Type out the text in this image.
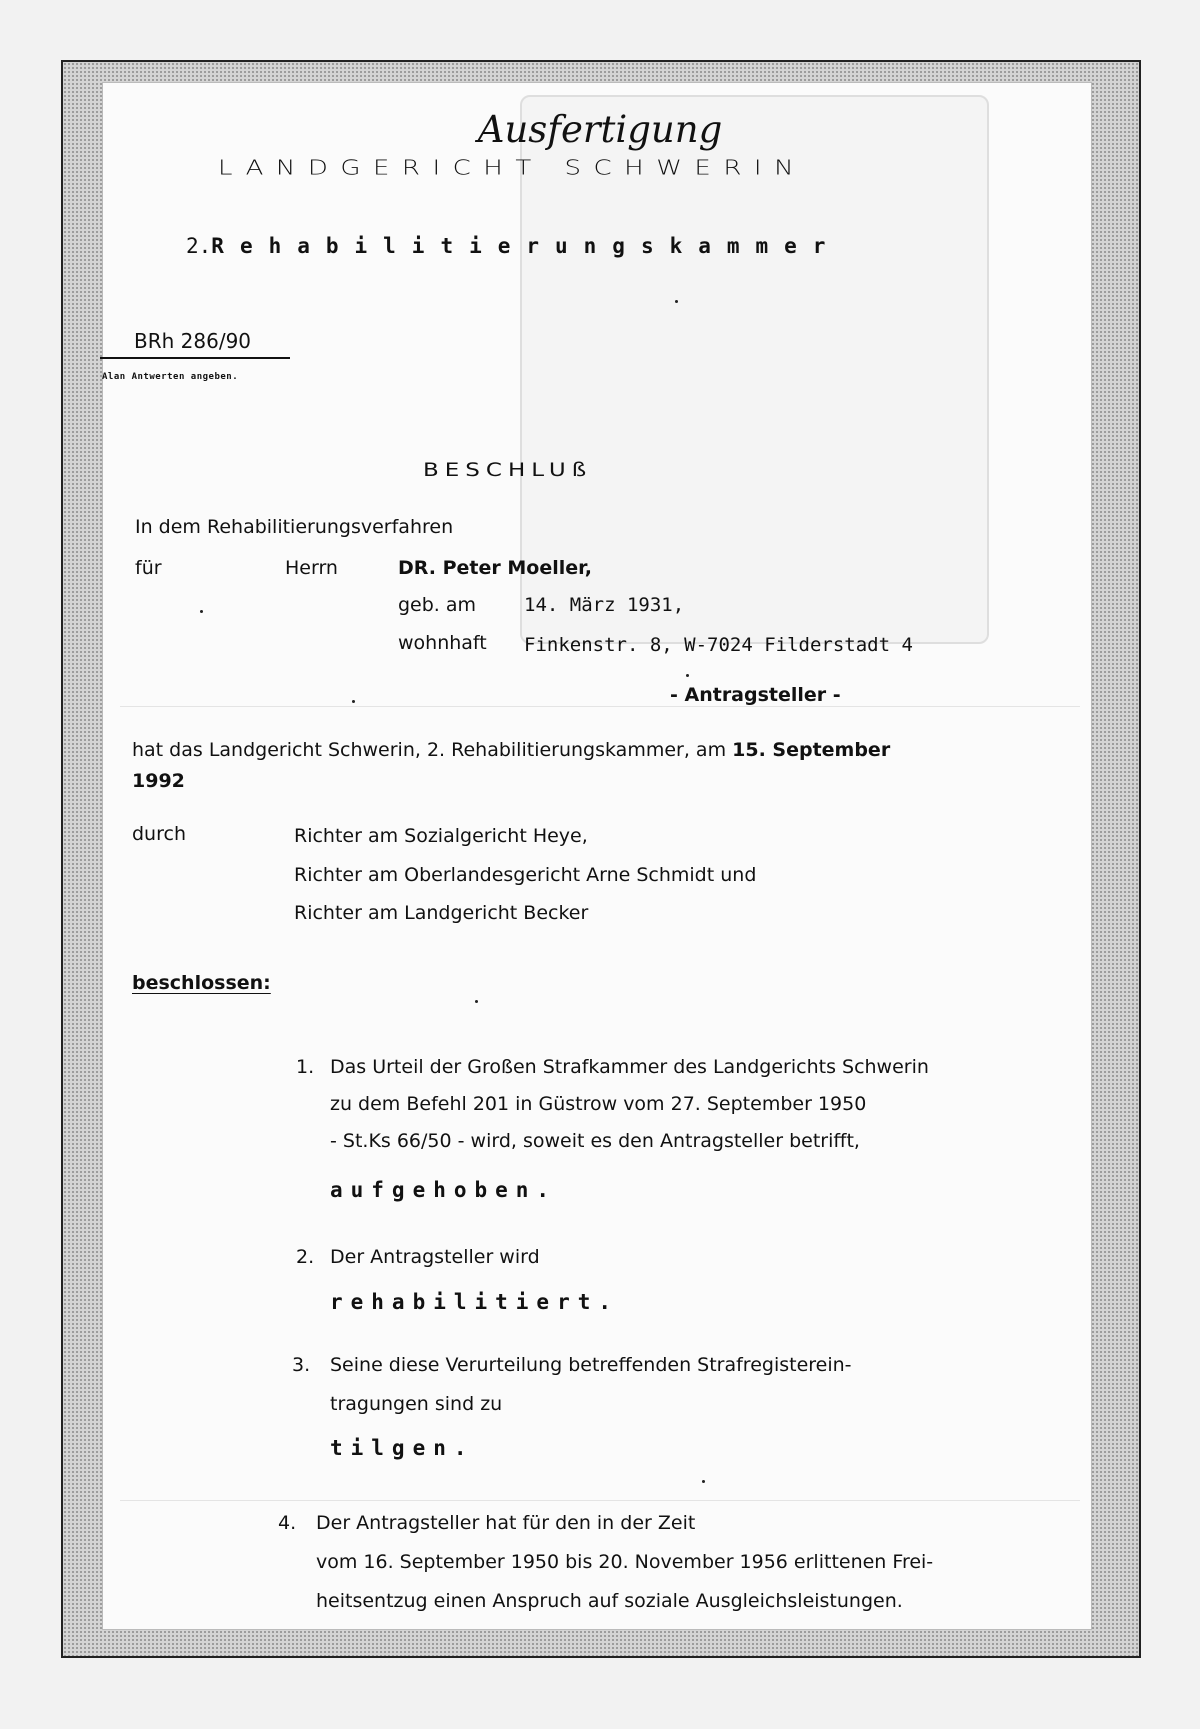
Ausfertigung
LANDGERICHT SCHWERIN
2.Rehabilitierungskammer
BRh 286/90
Alan Antwerten angeben.
BESCHLUß
In dem Rehabilitierungsverfahren
für	Herrn	DR. Peter Moeller,
geb. am	14. März 1931,
wohnhaft Finkenstr. 8, W-7024 Filderstadt 4
- Antragsteller -
hat das Landgericht Schwerin, 2. Rehabilitierungskammer, am 15. September
1992
durch	Richter am Sozialgericht Heye,
Richter am Oberlandesgericht Arne Schmidt und
Richter am Landgericht Becker
beschlossen:
1. Das Urteil der Großen Strafkammer des Landgerichts Schwerin
zu dem Befehl 201 in Güstrow vom 27. September 1950
- St.Ks 66/50 - wird, soweit es den Antragsteller betrifft,
aufgehoben.
2. Der Antragsteller wird
rehabilitiert.
3. Seine diese Verurteilung betreffenden Strafregisterein-
tragungen sind zu
tilgen.
4. Der Antragsteller hat für den in der Zeit
vom 16. September 1950 bis 20. November 1956 erlittenen Frei-
heitsentzug einen Anspruch auf soziale Ausgleichsleistungen.
